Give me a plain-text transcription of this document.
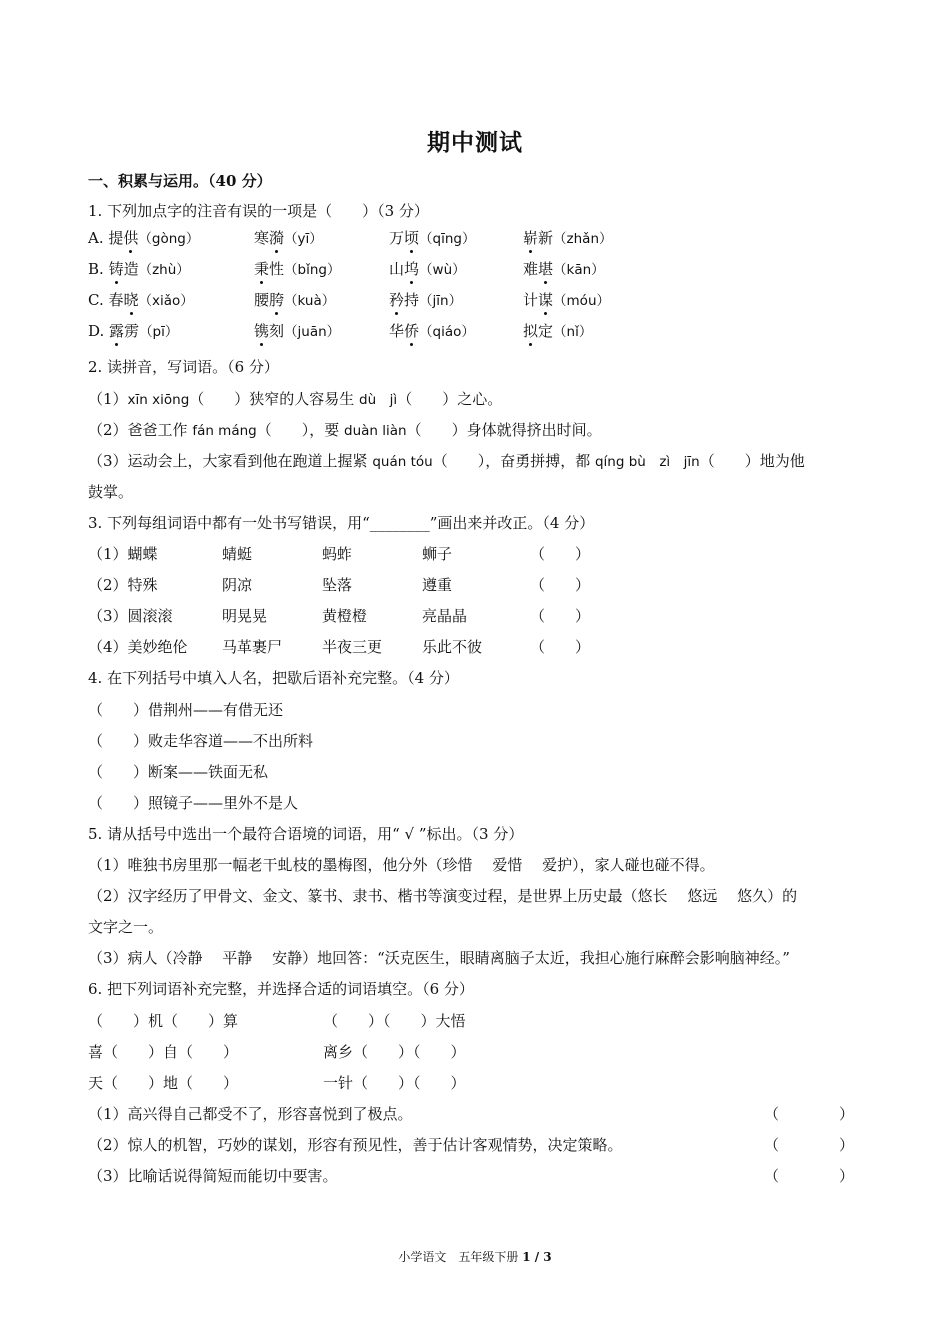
期中测试
一、积累与运用。（40 分）
1. 下列加点字的注音有误的一项是（　　）（3 分）
A. 提供（gòng）	寒漪（yī）	万顷（qīng）	崭新（zhǎn）
B. 铸造（zhù）	秉性（bǐng）	山坞（wù）	难堪（kān）
C. 春晓（xiǎo）	腰胯（kuà）	矜持（jīn）	计谋（móu）
D. 露雳（pī）	镌刻（juān）	华侨（qiáo）	拟定（nǐ）
2. 读拼音，写词语。（6 分）
（1）xīn xiōng（　　）狭窄的人容易生 dù　jì（　　）之心。
（2）爸爸工作 fán máng（　　），要 duàn liàn（　　）身体就得挤出时间。
（3）运动会上，大家看到他在跑道上握紧 quán tóu（　　），奋勇拼搏，都 qíng bù　zì　jīn（　　）地为他
鼓掌。
3. 下列每组词语中都有一处书写错误，用“________”画出来并改正。（4 分）
（1）蝴蝶	蜻蜓	蚂蚱	蛳子	（　　）
（2）特殊	阴凉	坠落	遵重	（　　）
（3）圆滚滚	明晃晃	黄橙橙	亮晶晶	（　　）
（4）美妙绝伦 马革裹尸	半夜三更	乐此不彼	（　　）
4. 在下列括号中填入人名，把歇后语补充完整。（4 分）
（　　）借荆州——有借无还
（　　）败走华容道——不出所料
（　　）断案——铁面无私
（　　）照镜子——里外不是人
5. 请从括号中选出一个最符合语境的词语，用“ √ ”标出。（3 分）
（1）唯独书房里那一幅老干虬枝的墨梅图，他分外（珍惜　 爱惜　 爱护），家人碰也碰不得。
（2）汉字经历了甲骨文、金文、篆书、隶书、楷书等演变过程，是世界上历史最（悠长　 悠远　 悠久）的
文字之一。
（3）病人（冷静　 平静　 安静）地回答：“沃克医生，眼睛离脑子太近，我担心施行麻醉会影响脑神经。”
6. 把下列词语补充完整，并选择合适的词语填空。（6 分）
（　　）机（　　）算	（　　）（　　）大悟
喜（　　）自（　　）	离乡（　　）（　　）
天（　　）地（　　）	一针（　　）（　　）
（1）高兴得自己都受不了，形容喜悦到了极点。	（　　　　）
（2）惊人的机智，巧妙的谋划，形容有预见性，善于估计客观情势，决定策略。	（　　　　）
（3）比喻话说得简短而能切中要害。	（　　　　）
小学语文　五年级下册 1 / 3
